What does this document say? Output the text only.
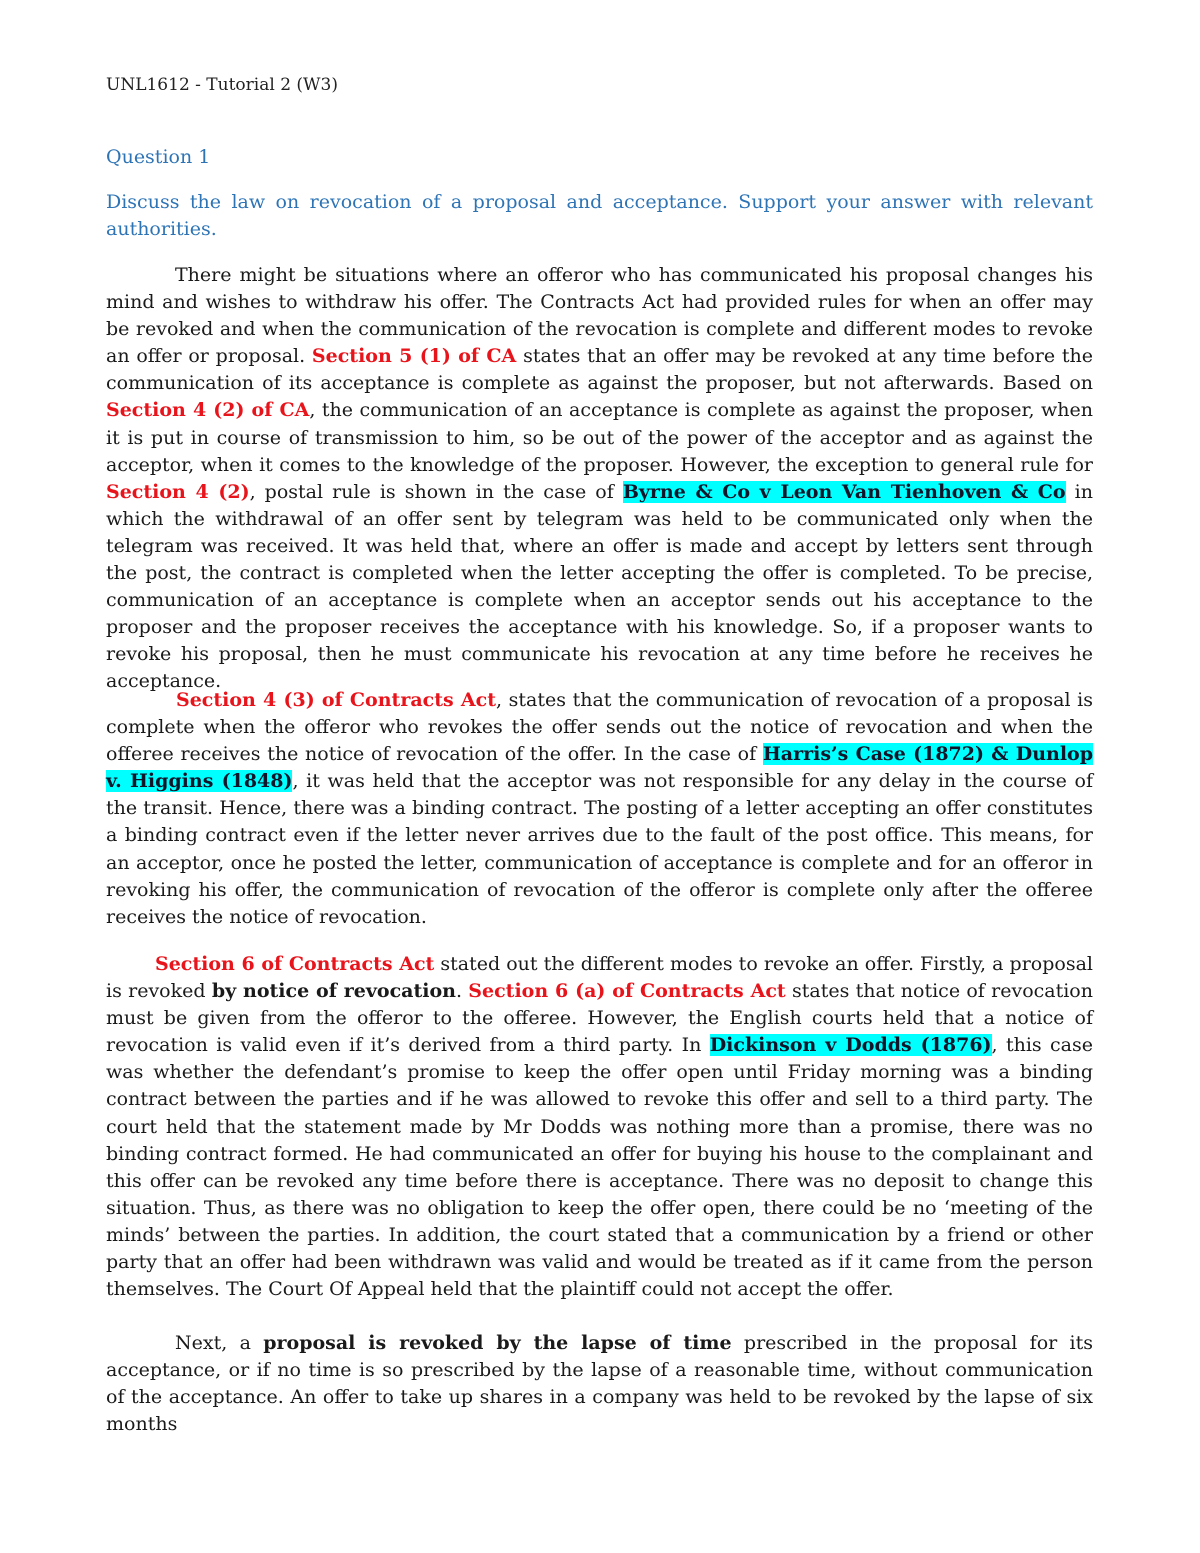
UNL1612 - Tutorial 2 (W3)
Question 1

Discuss the law on revocation of a proposal and acceptance. Support your answer with relevant authorities.

There might be situations where an offeror who has communicated his proposal changes his mind and wishes to withdraw his offer. The Contracts Act had provided rules for when an offer may be revoked and when the communication of the revocation is complete and different modes to revoke an offer or proposal. Section 5 (1) of CA states that an offer may be revoked at any time before the communication of its acceptance is complete as against the proposer, but not afterwards. Based on Section 4 (2) of CA, the communication of an acceptance is complete as against the proposer, when it is put in course of transmission to him, so be out of the power of the acceptor and as against the acceptor, when it comes to the knowledge of the proposer. However, the exception to general rule for Section 4 (2), postal rule is shown in the case of Byrne & Co v Leon Van Tienhoven & Co in which the withdrawal of an offer sent by telegram was held to be communicated only when the telegram was received. It was held that, where an offer is made and accept by letters sent through the post, the contract is completed when the letter accepting the offer is completed. To be precise, communication of an acceptance is complete when an acceptor sends out his acceptance to the proposer and the proposer receives the acceptance with his knowledge. So, if a proposer wants to revoke his proposal, then he must communicate his revocation at any time before he receives he acceptance.

Section 4 (3) of Contracts Act, states that the communication of revocation of a proposal is complete when the offeror who revokes the offer sends out the notice of revocation and when the offeree receives the notice of revocation of the offer. In the case of Harris’s Case (1872) & Dunlop v. Higgins (1848), it was held that the acceptor was not responsible for any delay in the course of the transit. Hence, there was a binding contract. The posting of a letter accepting an offer constitutes a binding contract even if the letter never arrives due to the fault of the post office. This means, for an acceptor, once he posted the letter, communication of acceptance is complete and for an offeror in revoking his offer, the communication of revocation of the offeror is complete only after the offeree receives the notice of revocation.

Section 6 of Contracts Act stated out the different modes to revoke an offer. Firstly, a proposal is revoked by notice of revocation. Section 6 (a) of Contracts Act states that notice of revocation must be given from the offeror to the offeree. However, the English courts held that a notice of revocation is valid even if it’s derived from a third party. In Dickinson v Dodds (1876), this case was whether the defendant’s promise to keep the offer open until Friday morning was a binding contract between the parties and if he was allowed to revoke this offer and sell to a third party. The court held that the statement made by Mr Dodds was nothing more than a promise, there was no binding contract formed. He had communicated an offer for buying his house to the complainant and this offer can be revoked any time before there is acceptance. There was no deposit to change this situation. Thus, as there was no obligation to keep the offer open, there could be no ‘meeting of the minds’ between the parties. In addition, the court stated that a communication by a friend or other party that an offer had been withdrawn was valid and would be treated as if it came from the person themselves. The Court Of Appeal held that the plaintiff could not accept the offer.

Next, a proposal is revoked by the lapse of time prescribed in the proposal for its acceptance, or if no time is so prescribed by the lapse of a reasonable time, without communication of the acceptance. An offer to take up shares in a company was held to be revoked by the lapse of six months
